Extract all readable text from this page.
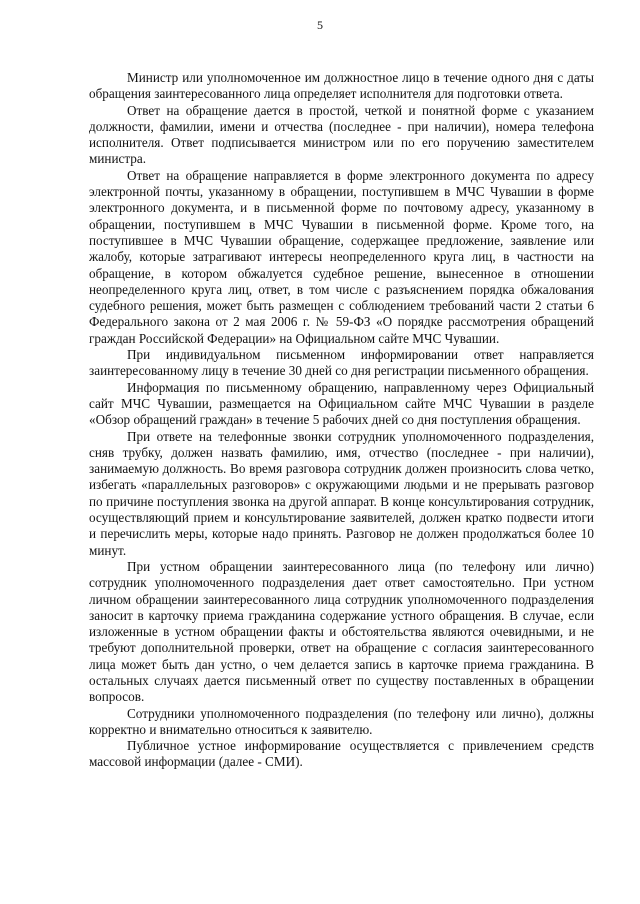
5

Министр или уполномоченное им должностное лицо в течение одного дня с даты обращения заинтересованного лица определяет исполнителя для подготовки ответа.

Ответ на обращение дается в простой, четкой и понятной форме с указанием должности, фамилии, имени и отчества (последнее - при наличии), номера телефона исполнителя. Ответ подписывается министром или по его поручению заместителем министра.

Ответ на обращение направляется в форме электронного документа по адресу электронной почты, указанному в обращении, поступившем в МЧС Чувашии в форме электронного документа, и в письменной форме по почтовому адресу, указанному в обращении, поступившем в МЧС Чувашии в письменной форме. Кроме того, на поступившее в МЧС Чувашии обращение, содержащее предложение, заявление или жалобу, которые затрагивают интересы неопределенного круга лиц, в частности на обращение, в котором обжалуется судебное решение, вынесенное в отношении неопределенного круга лиц, ответ, в том числе с разъяснением порядка обжалования судебного решения, может быть размещен с соблюдением требований части 2 статьи 6 Федерального закона от 2 мая 2006 г. № 59-ФЗ «О порядке рассмотрения обращений граждан Российской Федерации» на Официальном сайте МЧС Чувашии.

При индивидуальном письменном информировании ответ направляется заинтересованному лицу в течение 30 дней со дня регистрации письменного обращения.

Информация по письменному обращению, направленному через Официальный сайт МЧС Чувашии, размещается на Официальном сайте МЧС Чувашии в разделе «Обзор обращений граждан» в течение 5 рабочих дней со дня поступления обращения.

При ответе на телефонные звонки сотрудник уполномоченного подразделения, сняв трубку, должен назвать фамилию, имя, отчество (последнее - при наличии), занимаемую должность. Во время разговора сотрудник должен произносить слова четко, избегать «параллельных разговоров» с окружающими людьми и не прерывать разговор по причине поступления звонка на другой аппарат. В конце консультирования сотрудник, осуществляющий прием и консультирование заявителей, должен кратко подвести итоги и перечислить меры, которые надо принять. Разговор не должен продолжаться более 10 минут.

При устном обращении заинтересованного лица (по телефону или лично) сотрудник уполномоченного подразделения дает ответ самостоятельно. При устном личном обращении заинтересованного лица сотрудник уполномоченного подразделения заносит в карточку приема гражданина содержание устного обращения. В случае, если изложенные в устном обращении факты и обстоятельства являются очевидными, и не требуют дополнительной проверки, ответ на обращение с согласия заинтересованного лица может быть дан устно, о чем делается запись в карточке приема гражданина. В остальных случаях дается письменный ответ по существу поставленных в обращении вопросов.

Сотрудники уполномоченного подразделения (по телефону или лично), должны корректно и внимательно относиться к заявителю.

Публичное устное информирование осуществляется с привлечением средств массовой информации (далее - СМИ).
